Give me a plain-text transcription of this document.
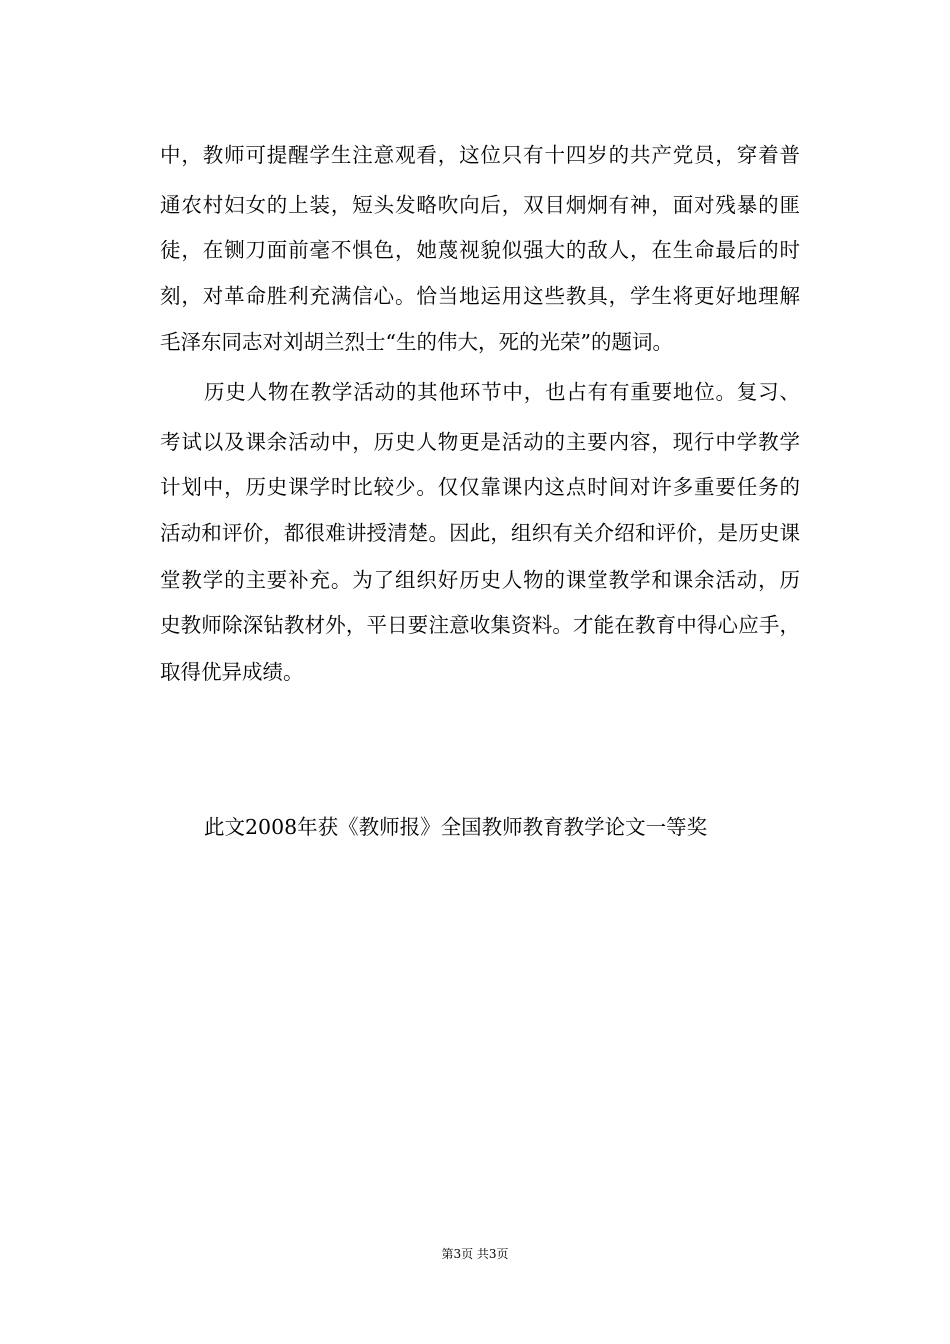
中，教师可提醒学生注意观看，这位只有十四岁的共产党员，穿着普

通农村妇女的上装，短头发略吹向后，双目炯炯有神，面对残暴的匪

徒，在铡刀面前毫不惧色，她蔑视貌似强大的敌人，在生命最后的时

刻，对革命胜利充满信心。恰当地运用这些教具，学生将更好地理解

毛泽东同志对刘胡兰烈士“生的伟大，死的光荣”的题词。

历史人物在教学活动的其他环节中，也占有有重要地位。复习、

考试以及课余活动中，历史人物更是活动的主要内容，现行中学教学

计划中，历史课学时比较少。仅仅靠课内这点时间对许多重要任务的

活动和评价，都很难讲授清楚。因此，组织有关介绍和评价，是历史课

堂教学的主要补充。为了组织好历史人物的课堂教学和课余活动，历

史教师除深钻教材外，平日要注意收集资料。才能在教育中得心应手，

取得优异成绩。

此文2008年获《教师报》全国教师教育教学论文一等奖

第3页 共3页
